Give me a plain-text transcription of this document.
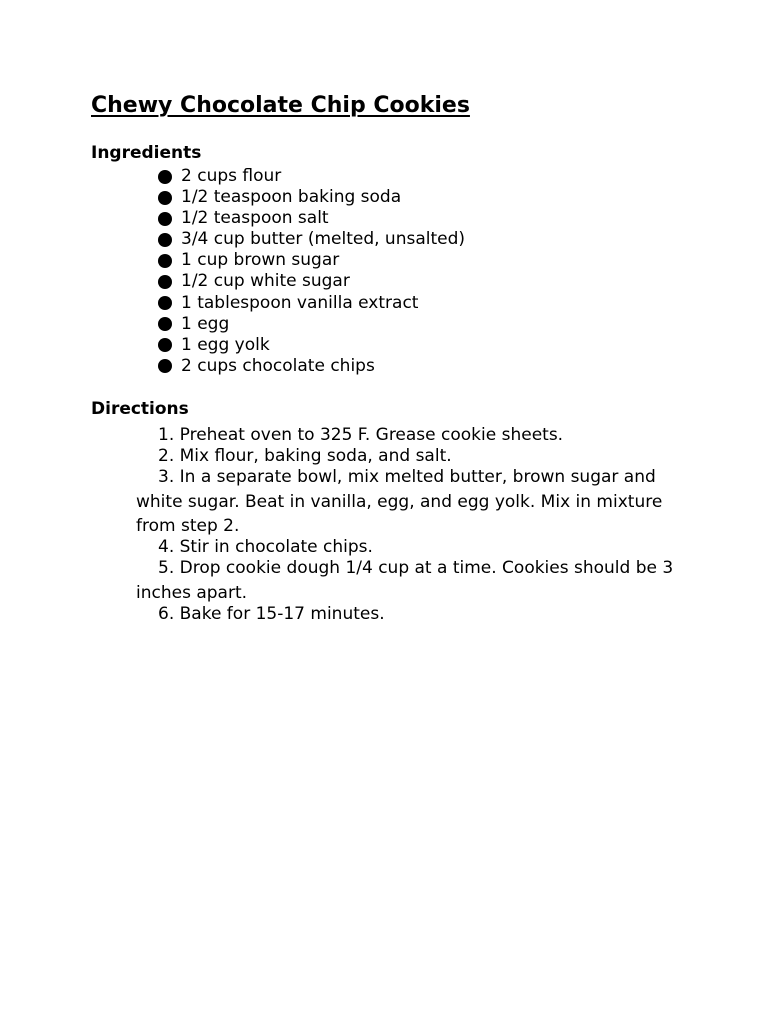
Chewy Chocolate Chip Cookies
Ingredients
2 cups flour
1/2 teaspoon baking soda
1/2 teaspoon salt
3/4 cup butter (melted, unsalted)
1 cup brown sugar
1/2 cup white sugar
1 tablespoon vanilla extract
1 egg
1 egg yolk
2 cups chocolate chips
Directions
1. Preheat oven to 325 F. Grease cookie sheets.
2. Mix flour, baking soda, and salt.
3. In a separate bowl, mix melted butter, brown sugar and white sugar. Beat in vanilla, egg, and egg yolk. Mix in mixture from step 2.
4. Stir in chocolate chips.
5. Drop cookie dough 1/4 cup at a time. Cookies should be 3 inches apart.
6. Bake for 15-17 minutes.
